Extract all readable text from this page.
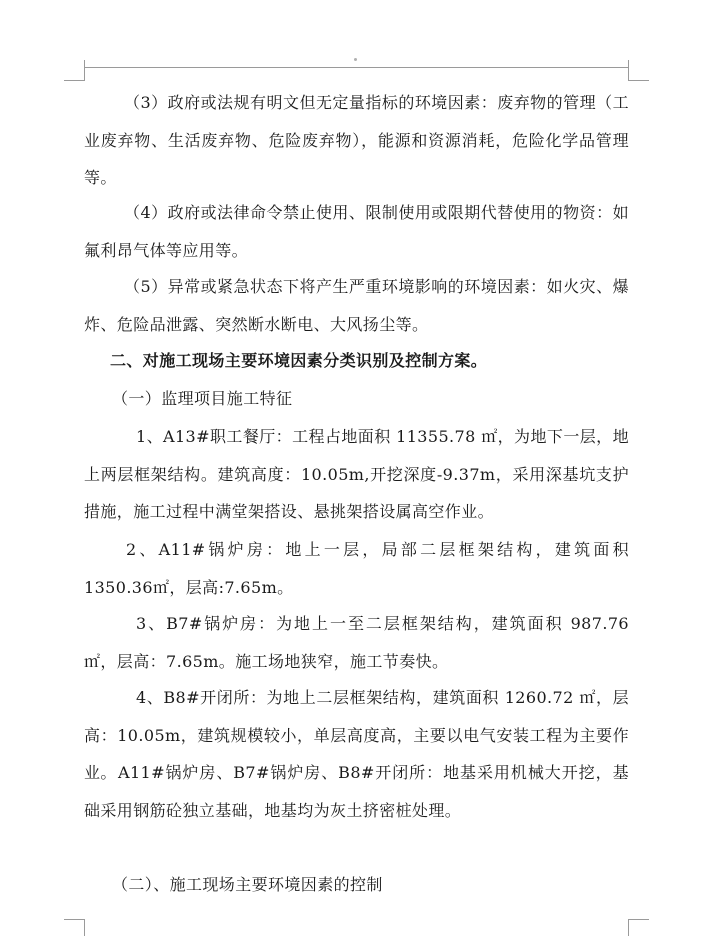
（3）政府或法规有明文但无定量指标的环境因素：废弃物的管理（工业废弃物、生活废弃物、危险废弃物），能源和资源消耗，危险化学品管理等。

（4）政府或法律命令禁止使用、限制使用或限期代替使用的物资：如氟利昂气体等应用等。

（5）异常或紧急状态下将产生严重环境影响的环境因素：如火灾、爆炸、危险品泄露、突然断水断电、大风扬尘等。

二、对施工现场主要环境因素分类识别及控制方案。

（一）监理项目施工特征

1、A13#职工餐厅：工程占地面积 11355.78 ㎡，为地下一层，地上两层框架结构。建筑高度：10.05m,开挖深度-9.37m，采用深基坑支护措施，施工过程中满堂架搭设、悬挑架搭设属高空作业。

2、A11#锅炉房：地上一层，局部二层框架结构，建筑面积 1350.36㎡，层高:7.65m。

3、B7#锅炉房：为地上一至二层框架结构，建筑面积 987.76 ㎡，层高：7.65m。施工场地狭窄，施工节奏快。

4、B8#开闭所：为地上二层框架结构，建筑面积 1260.72 ㎡，层高：10.05m，建筑规模较小，单层高度高，主要以电气安装工程为主要作业。 A11#锅炉房、B7#锅炉房、B8#开闭所：地基采用机械大开挖，基础采用钢筋砼独立基础，地基均为灰土挤密桩处理。

（二）、施工现场主要环境因素的控制
